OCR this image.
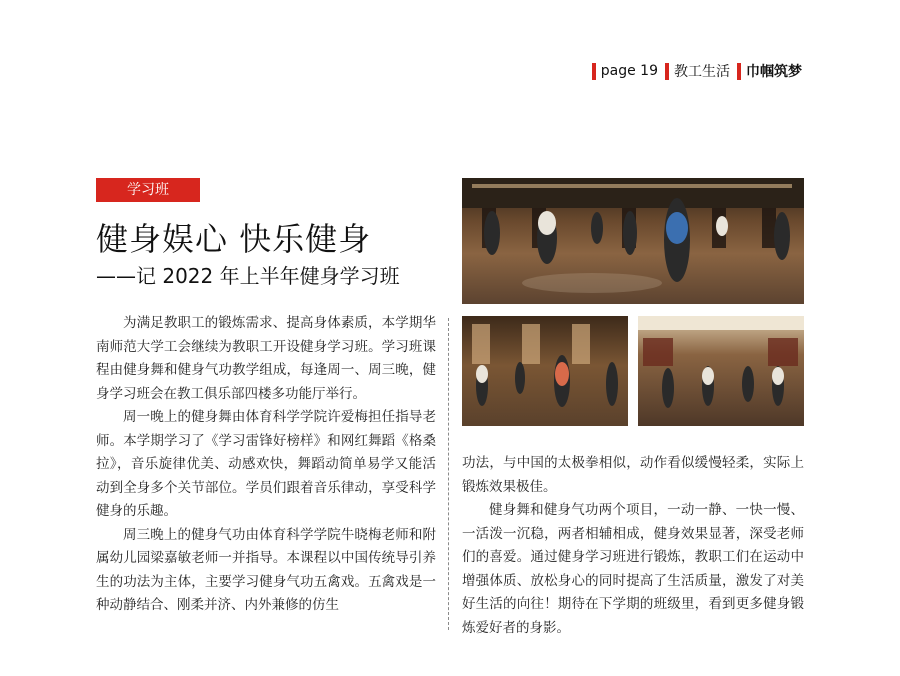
page 19 教工生活 巾帼筑梦
学习班
健身娱心 快乐健身
——记 2022 年上半年健身学习班

为满足教职工的锻炼需求、提高身体素质，本学期华南师范大学工会继续为教职工开设健身学习班。学习班课程由健身舞和健身气功教学组成，每逢周一、周三晚，健身学习班会在教工俱乐部四楼多功能厅举行。

周一晚上的健身舞由体育科学学院许爱梅担任指导老师。本学期学习了《学习雷锋好榜样》和网红舞蹈《格桑拉》，音乐旋律优美、动感欢快，舞蹈动简单易学又能活动到全身多个关节部位。学员们跟着音乐律动，享受科学健身的乐趣。

周三晚上的健身气功由体育科学学院牛晓梅老师和附属幼儿园梁嘉敏老师一并指导。本课程以中国传统导引养生的功法为主体，主要学习健身气功五禽戏。五禽戏是一种动静结合、刚柔并济、内外兼修的仿生

功法，与中国的太极拳相似，动作看似缓慢轻柔，实际上锻炼效果极佳。

健身舞和健身气功两个项目，一动一静、一快一慢、一活泼一沉稳，两者相辅相成，健身效果显著，深受老师们的喜爱。通过健身学习班进行锻炼，教职工们在运动中增强体质、放松身心的同时提高了生活质量，激发了对美好生活的向往！期待在下学期的班级里，看到更多健身锻炼爱好者的身影。
